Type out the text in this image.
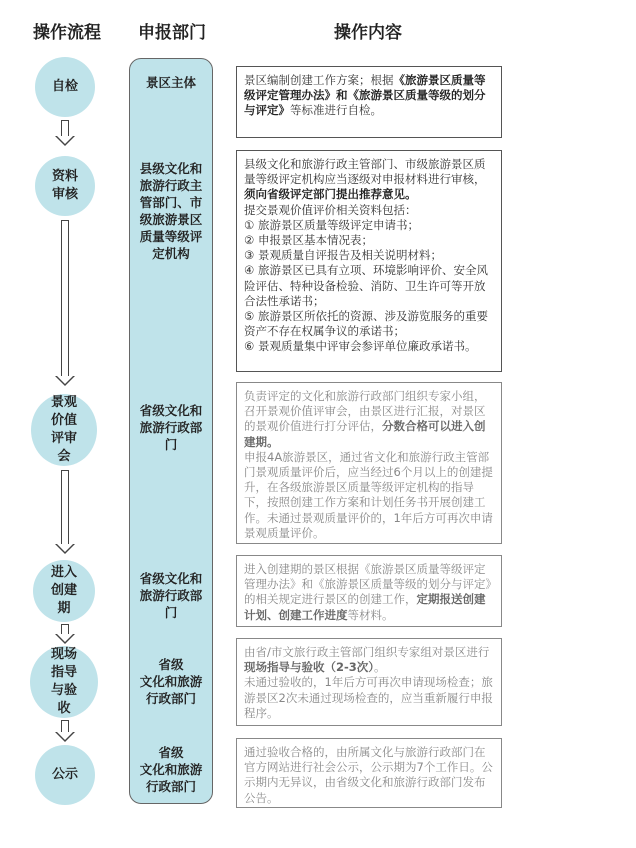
操作流程	申报部门	操作内容
自检
资料
审核
景观
价值
评审
会
进入
创建
期
现场
指导
与验
收
公示
景区主体
县级文化和
旅游行政主
管部门、市
级旅游景区
质量等级评
定机构
省级文化和
旅游行政部
门
省级文化和
旅游行政部
门
省级
文化和旅游
行政部门
省级
文化和旅游
行政部门
景区编制创建工作方案；根据《旅游景区质量等级评定管理办法》和《旅游景区质量等级的划分与评定》等标准进行自检。
县级文化和旅游行政主管部门、市级旅游景区质量等级评定机构应当逐级对申报材料进行审核，须向省级评定部门提出推荐意见。
提交景观价值评价相关资料包括：
① 旅游景区质量等级评定申请书；
② 申报景区基本情况表；
③ 景观质量自评报告及相关说明材料；
④ 旅游景区已具有立项、环境影响评价、安全风险评估、特种设备检验、消防、卫生许可等开放合法性承诺书；
⑤ 旅游景区所依托的资源、涉及游览服务的重要资产不存在权属争议的承诺书；
⑥ 景观质量集中评审会参评单位廉政承诺书。
负责评定的文化和旅游行政部门组织专家小组，召开景观价值评审会，由景区进行汇报，对景区的景观价值进行打分评估，分数合格可以进入创建期。
申报4A旅游景区，通过省文化和旅游行政主管部门景观质量评价后，应当经过6个月以上的创建提升，在各级旅游景区质量等级评定机构的指导下，按照创建工作方案和计划任务书开展创建工作。未通过景观质量评价的，1年后方可再次申请景观质量评价。
进入创建期的景区根据《旅游景区质量等级评定管理办法》和《旅游景区质量等级的划分与评定》的相关规定进行景区的创建工作，定期报送创建计划、创建工作进度等材料。
由省/市文旅行政主管部门组织专家组对景区进行现场指导与验收（2-3次）。
未通过验收的，1年后方可再次申请现场检查；旅游景区2次未通过现场检查的，应当重新履行申报程序。
通过验收合格的，由所属文化与旅游行政部门在官方网站进行社会公示，公示期为7个工作日。公示期内无异议，由省级文化和旅游行政部门发布公告。
